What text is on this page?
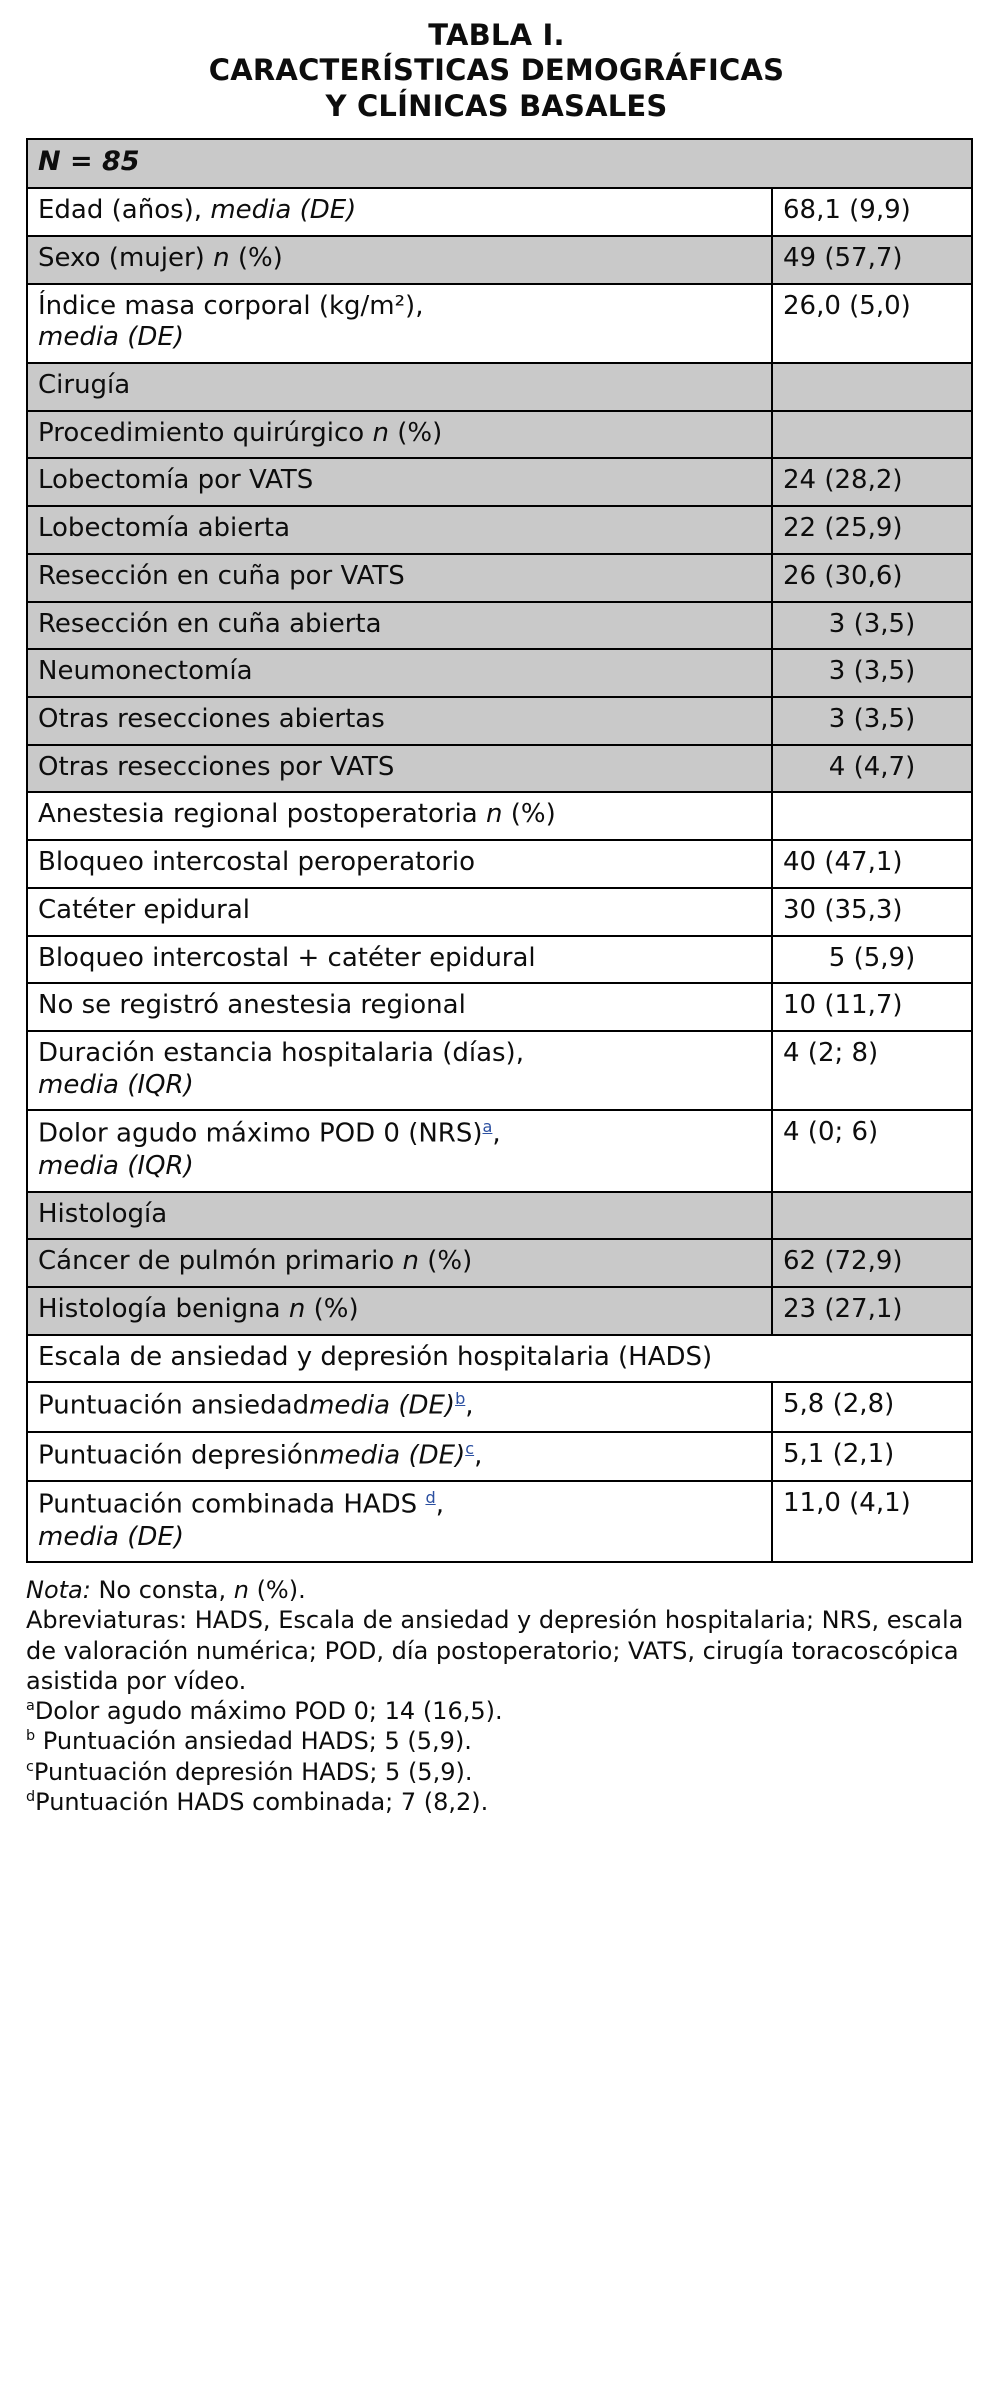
TABLA I.
CARACTERÍSTICAS DEMOGRÁFICAS
Y CLÍNICAS BASALES
N = 85	
Edad (años), media (DE)	68,1 (9,9)
Sexo (mujer) n (%)	49 (57,7)
Índice masa corporal (kg/m²),
media (DE)	26,0 (5,0)
Cirugía	
Procedimiento quirúrgico n (%)	
Lobectomía por VATS	24 (28,2)
Lobectomía abierta	22 (25,9)
Resección en cuña por VATS	26 (30,6)
Resección en cuña abierta	3 (3,5)
Neumonectomía	3 (3,5)
Otras resecciones abiertas	3 (3,5)
Otras resecciones por VATS	4 (4,7)
Anestesia regional postoperatoria n (%)	
Bloqueo intercostal peroperatorio	40 (47,1)
Catéter epidural	30 (35,3)
Bloqueo intercostal + catéter epidural	5 (5,9)
No se registró anestesia regional	10 (11,7)
Duración estancia hospitalaria (días),
media (IQR)	4 (2; 8)
Dolor agudo máximo POD 0 (NRS)$^a$,
media (IQR)	4 (0; 6)
Histología	
Cáncer de pulmón primario n (%)	62 (72,9)
Histología benigna n (%)	23 (27,1)
Escala de ansiedad y depresión hospitalaria (HADS)	
Puntuación ansiedadmedia (DE)$^b$,	5,8 (2,8)
Puntuación depresiónmedia (DE)$^c$,	5,1 (2,1)
Puntuación combinada HADS $^d$,
media (DE)	11,0 (4,1)

Nota: No consta, n (%).

Abreviaturas: HADS, Escala de ansiedad y depresión hospitalaria; NRS, escala de valoración numérica; POD, día postoperatorio; VATS, cirugía toracoscópica asistida por vídeo.

$^a$Dolor agudo máximo POD 0; 14 (16,5).

$^b$ Puntuación ansiedad HADS; 5 (5,9).

$^c$Puntuación depresión HADS; 5 (5,9).

$^d$Puntuación HADS combinada; 7 (8,2).
